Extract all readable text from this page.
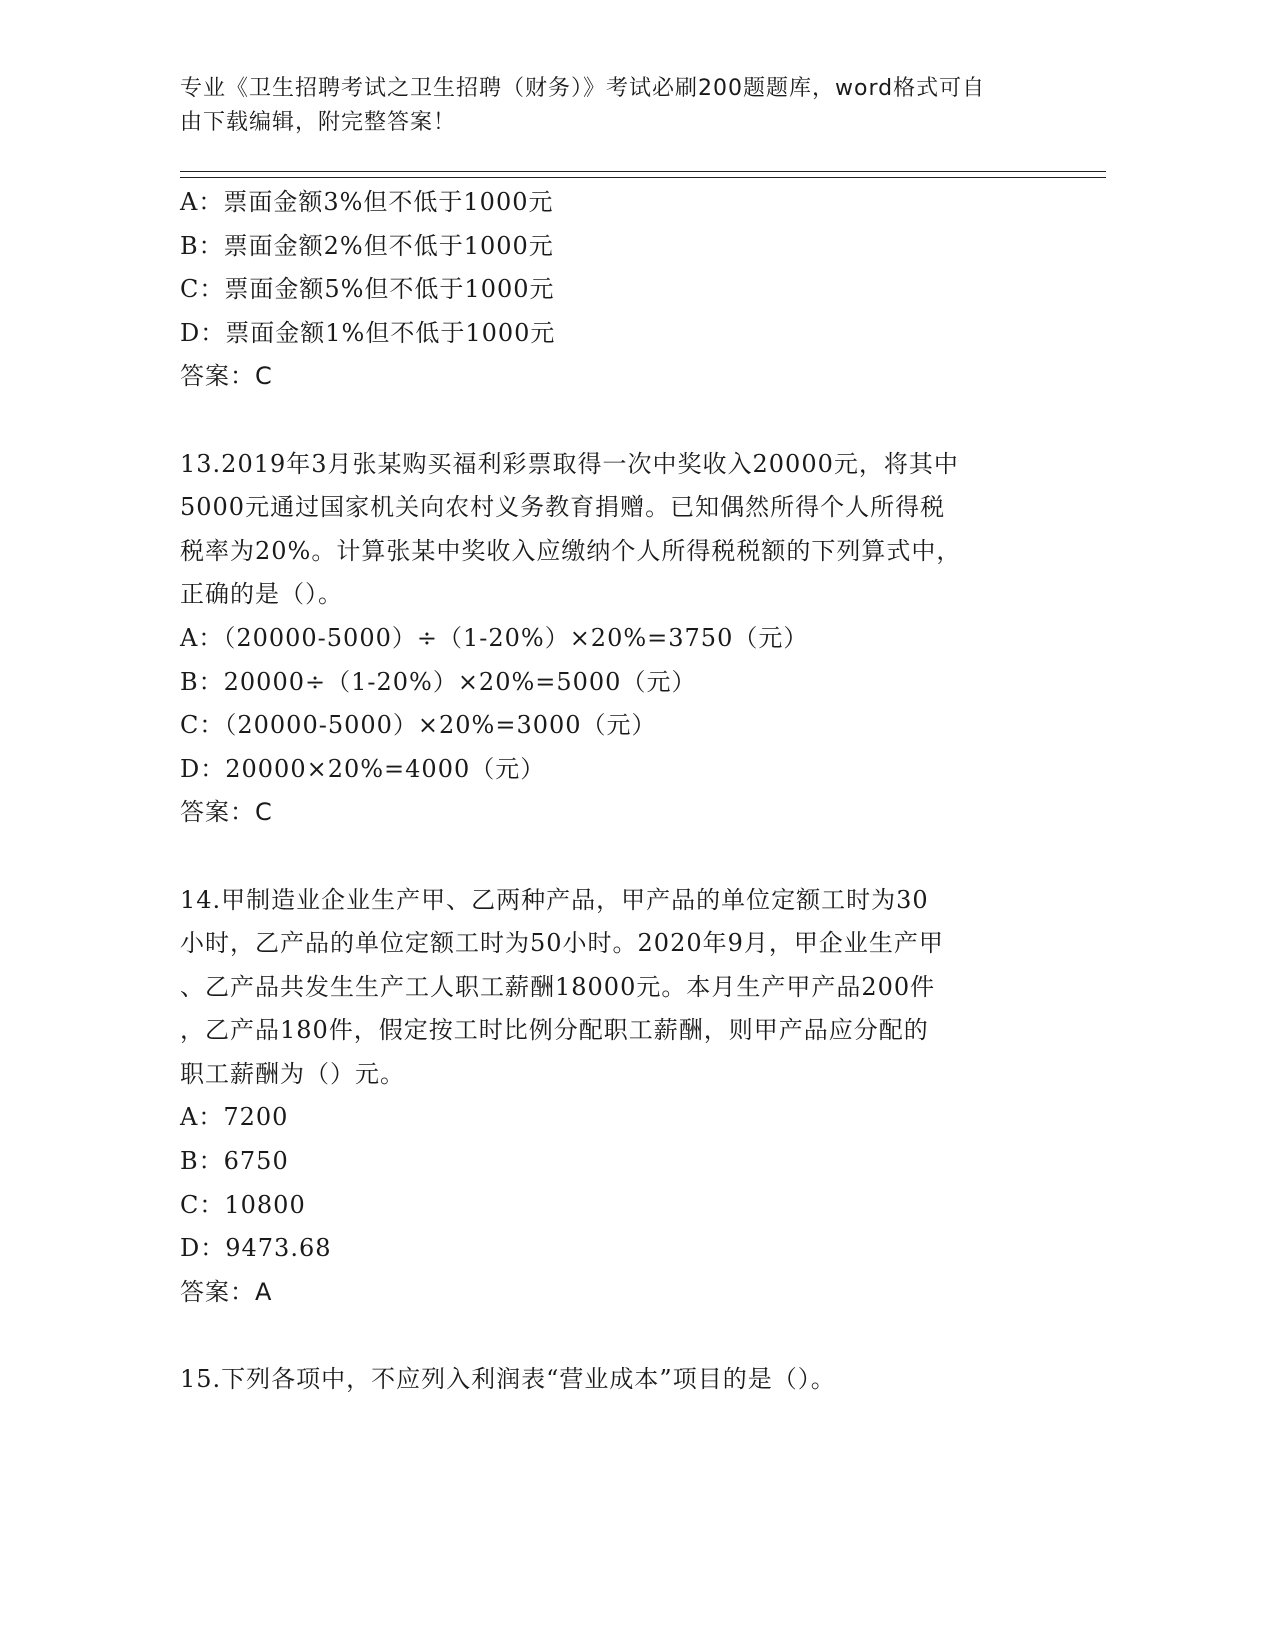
专业《卫生招聘考试之卫生招聘（财务）》考试必刷200题题库，word格式可自
由下载编辑，附完整答案！
A：票面金额3%但不低于1000元
B：票面金额2%但不低于1000元
C：票面金额5%但不低于1000元
D：票面金额1%但不低于1000元
答案：C
13.2019年3月张某购买福利彩票取得一次中奖收入20000元，将其中
5000元通过国家机关向农村义务教育捐赠。已知偶然所得个人所得税
税率为20%。计算张某中奖收入应缴纳个人所得税税额的下列算式中，
正确的是（）。
A：（20000-5000）÷（1-20%）×20%=3750（元）
B：20000÷（1-20%）×20%=5000（元）
C：（20000-5000）×20%=3000（元）
D：20000×20%=4000（元）
答案：C
14.甲制造业企业生产甲、乙两种产品，甲产品的单位定额工时为30
小时，乙产品的单位定额工时为50小时。2020年9月，甲企业生产甲
、乙产品共发生生产工人职工薪酬18000元。本月生产甲产品200件
，乙产品180件，假定按工时比例分配职工薪酬，则甲产品应分配的
职工薪酬为（）元。
A：7200
B：6750
C：10800
D：9473.68
答案：A
15.下列各项中，不应列入利润表“营业成本”项目的是（）。
